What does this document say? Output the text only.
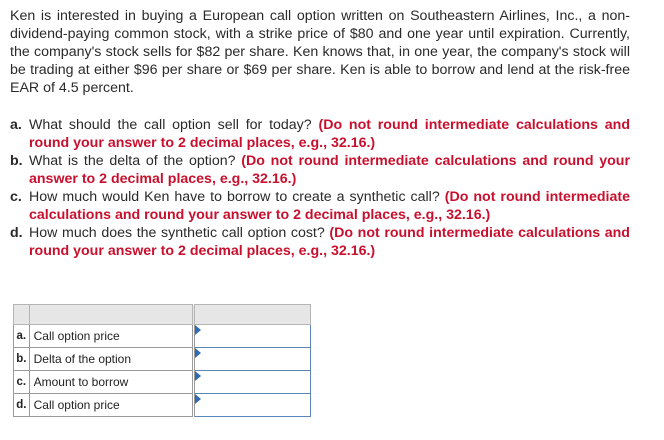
Ken is interested in buying a European call option written on Southeastern Airlines, Inc., a non-dividend-paying common stock, with a strike price of $80 and one year until expiration. Currently, the company's stock sells for $82 per share. Ken knows that, in one year, the company's stock will be trading at either $96 per share or $69 per share. Ken is able to borrow and lend at the risk-free EAR of 4.5 percent.
a. What should the call option sell for today? (Do not round intermediate calculations and round your answer to 2 decimal places, e.g., 32.16.)
b. What is the delta of the option? (Do not round intermediate calculations and round your answer to 2 decimal places, e.g., 32.16.)
c. How much would Ken have to borrow to create a synthetic call? (Do not round intermediate calculations and round your answer to 2 decimal places, e.g., 32.16.)
d. How much does the synthetic call option cost? (Do not round intermediate calculations and round your answer to 2 decimal places, e.g., 32.16.)

a.	Call option price		

b.	Delta of the option		

c.	Amount to borrow		

d.	Call option price		
